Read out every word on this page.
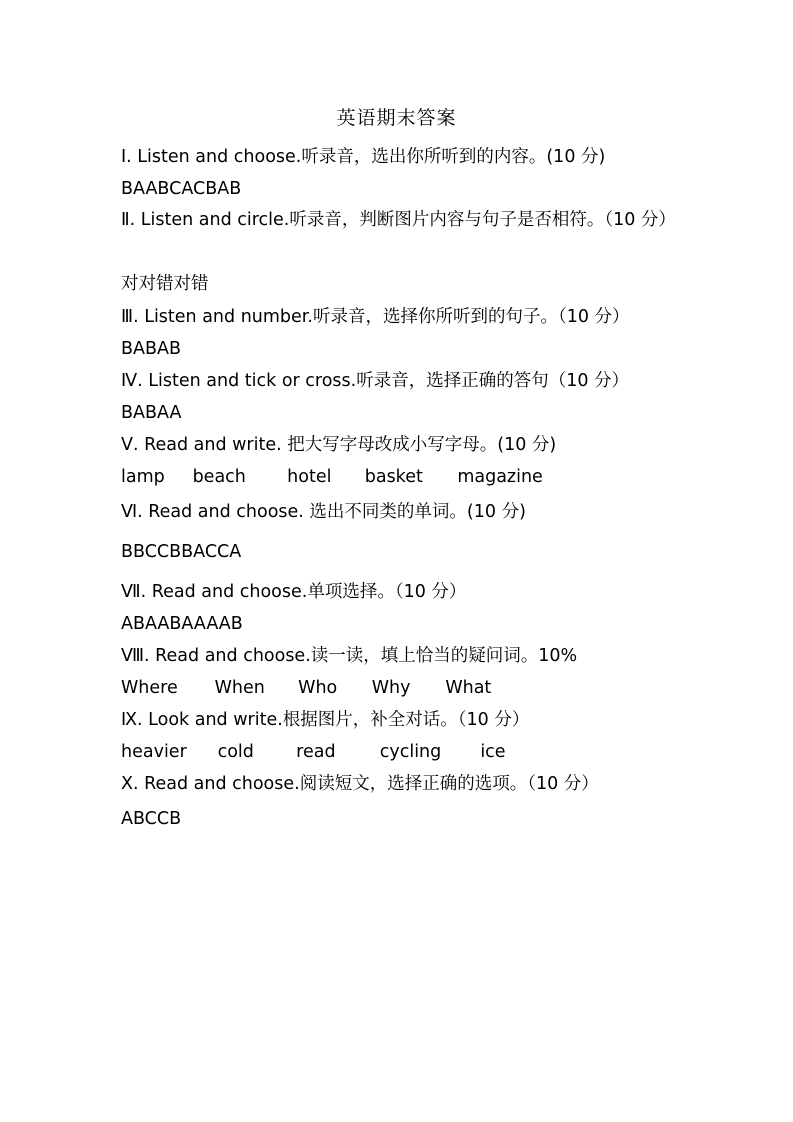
英语期末答案
Ⅰ. Listen and choose.听录音，选出你所听到的内容。(10 分)
BAABCACBAB
Ⅱ. Listen and circle.听录音，判断图片内容与句子是否相符。（10 分）
对对错对错
Ⅲ. Listen and number.听录音，选择你所听到的句子。（10 分）
BABAB
Ⅳ. Listen and tick or cross.听录音，选择正确的答句（10 分）
BABAA
Ⅴ. Read and write. 把大写字母改成小写字母。(10 分)
lamp beach hotel basket magazine
Ⅵ. Read and choose. 选出不同类的单词。(10 分)
BBCCBBACCA
Ⅶ. Read and choose.单项选择。（10 分）
ABAABAAAAB
Ⅷ. Read and choose.读一读，填上恰当的疑问词。10%
Where When Who Why What
Ⅸ. Look and write.根据图片，补全对话。（10 分）
heavier cold read	cycling ice
Ⅹ. Read and choose.阅读短文，选择正确的选项。（10 分）
ABCCB
